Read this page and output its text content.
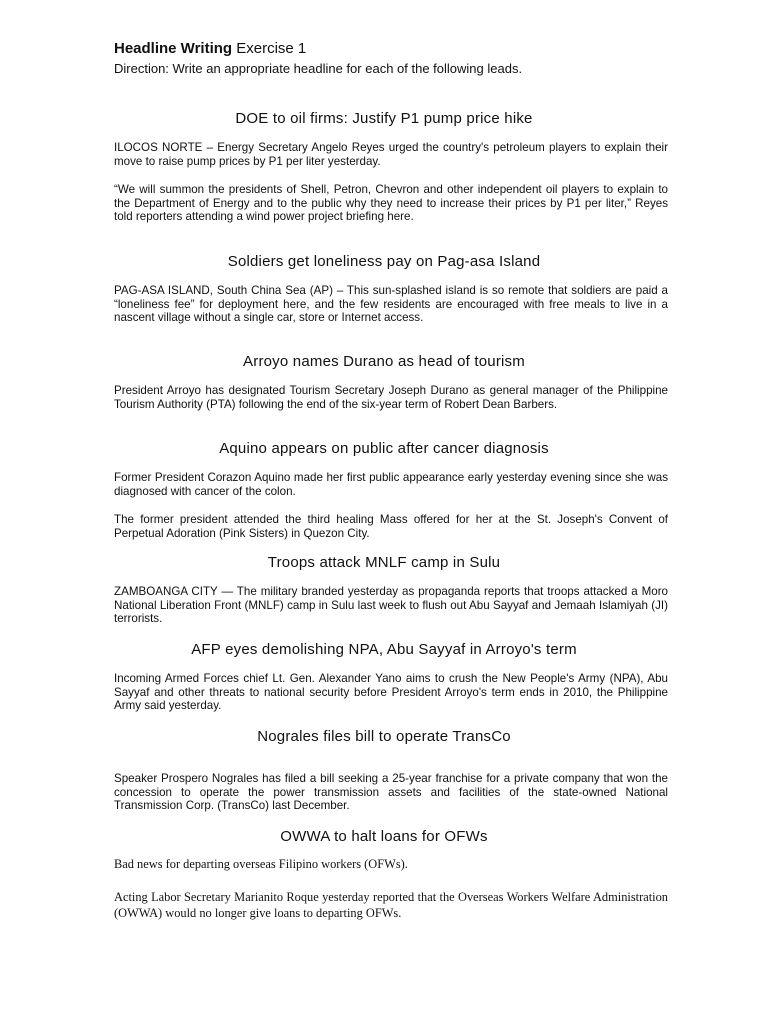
Headline Writing Exercise 1
Direction: Write an appropriate headline for each of the following leads.
DOE to oil firms: Justify P1 pump price hike
ILOCOS NORTE – Energy Secretary Angelo Reyes urged the country's petroleum players to explain their move to raise pump prices by P1 per liter yesterday.
“We will summon the presidents of Shell, Petron, Chevron and other independent oil players to explain to the Department of Energy and to the public why they need to increase their prices by P1 per liter,” Reyes told reporters attending a wind power project briefing here.
Soldiers get loneliness pay on Pag-asa Island
PAG-ASA ISLAND, South China Sea (AP) – This sun-splashed island is so remote that soldiers are paid a “loneliness fee” for deployment here, and the few residents are encouraged with free meals to live in a nascent village without a single car, store or Internet access.
Arroyo names Durano as head of tourism
President Arroyo has designated Tourism Secretary Joseph Durano as general manager of the Philippine Tourism Authority (PTA) following the end of the six-year term of Robert Dean Barbers.
Aquino appears on public after cancer diagnosis
Former President Corazon Aquino made her first public appearance early yesterday evening since she was diagnosed with cancer of the colon.
The former president attended the third healing Mass offered for her at the St. Joseph's Convent of Perpetual Adoration (Pink Sisters) in Quezon City.
Troops attack MNLF camp in Sulu
ZAMBOANGA CITY — The military branded yesterday as propaganda reports that troops attacked a Moro National Liberation Front (MNLF) camp in Sulu last week to flush out Abu Sayyaf and Jemaah Islamiyah (JI) terrorists.
AFP eyes demolishing NPA, Abu Sayyaf in Arroyo's term
Incoming Armed Forces chief Lt. Gen. Alexander Yano aims to crush the New People's Army (NPA), Abu Sayyaf and other threats to national security before President Arroyo's term ends in 2010, the Philippine Army said yesterday.
Nograles files bill to operate TransCo
Speaker Prospero Nograles has filed a bill seeking a 25-year franchise for a private company that won the concession to operate the power transmission assets and facilities of the state-owned National Transmission Corp. (TransCo) last December.
OWWA to halt loans for OFWs
Bad news for departing overseas Filipino workers (OFWs).
Acting Labor Secretary Marianito Roque yesterday reported that the Overseas Workers Welfare Administration (OWWA) would no longer give loans to departing OFWs.
